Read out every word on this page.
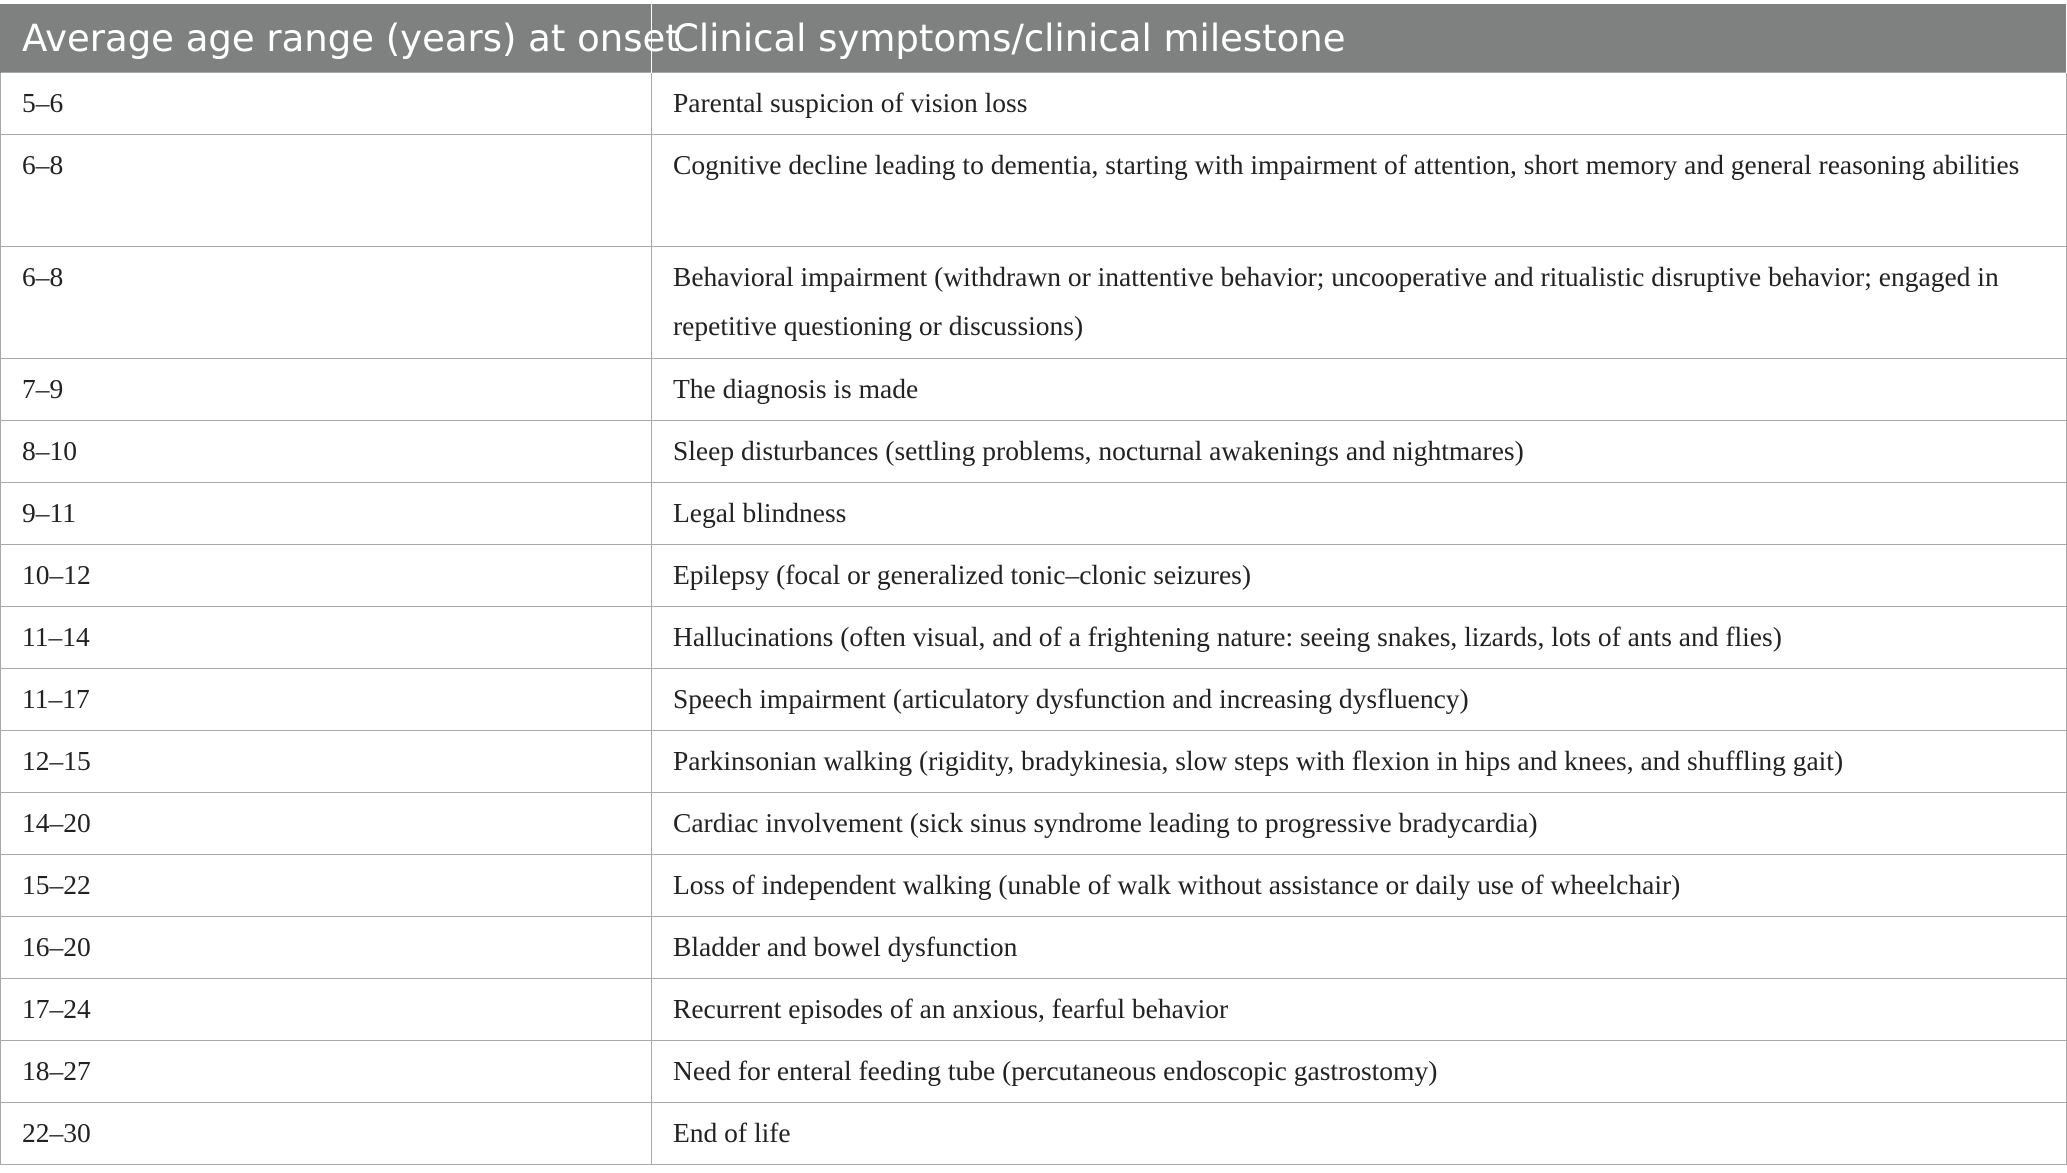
Average age range (years) at onset	Clinical symptoms/clinical milestone
5–6	Parental suspicion of vision loss
6–8	Cognitive decline leading to dementia, starting with impairment of attention, short memory and general reasoning abilities
6–8	Behavioral impairment (withdrawn or inattentive behavior; uncooperative and ritualistic disruptive behavior; engaged in repetitive questioning or discussions)
7–9	The diagnosis is made
8–10	Sleep disturbances (settling problems, nocturnal awakenings and nightmares)
9–11	Legal blindness
10–12	Epilepsy (focal or generalized tonic–clonic seizures)
11–14	Hallucinations (often visual, and of a frightening nature: seeing snakes, lizards, lots of ants and flies)
11–17	Speech impairment (articulatory dysfunction and increasing dysfluency)
12–15	Parkinsonian walking (rigidity, bradykinesia, slow steps with flexion in hips and knees, and shuffling gait)
14–20	Cardiac involvement (sick sinus syndrome leading to progressive bradycardia)
15–22	Loss of independent walking (unable of walk without assistance or daily use of wheelchair)
16–20	Bladder and bowel dysfunction
17–24	Recurrent episodes of an anxious, fearful behavior
18–27	Need for enteral feeding tube (percutaneous endoscopic gastrostomy)
22–30	End of life
